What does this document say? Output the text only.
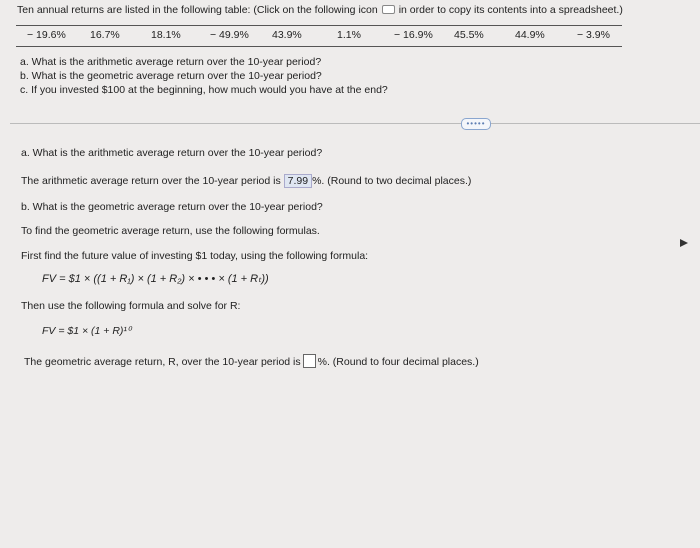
Ten annual returns are listed in the following table: (Click on the following icon in order to copy its contents into a spreadsheet.)
− 19.6% 16.7%	18.1%	− 49.9% 43.9%	1.1%	− 16.9% 45.5%	44.9%	− 3.9%
a. What is the arithmetic average return over the 10-year period?
b. What is the geometric average return over the 10-year period?
c. If you invested $100 at the beginning, how much would you have at the end?
•••••
a. What is the arithmetic average return over the 10-year period?
The arithmetic average return over the 10-year period is 7.99 %. (Round to two decimal places.)
b. What is the geometric average return over the 10-year period?
To find the geometric average return, use the following formulas.
First find the future value of investing $1 today, using the following formula:
FV = $1 × ((1 + R₁) × (1 + R₂) × • • • × (1 + Rₜ))
Then use the following formula and solve for R:
FV = $1 × (1 + R)¹⁰
The geometric average return, R, over the 10-year period is %. (Round to four decimal places.)
